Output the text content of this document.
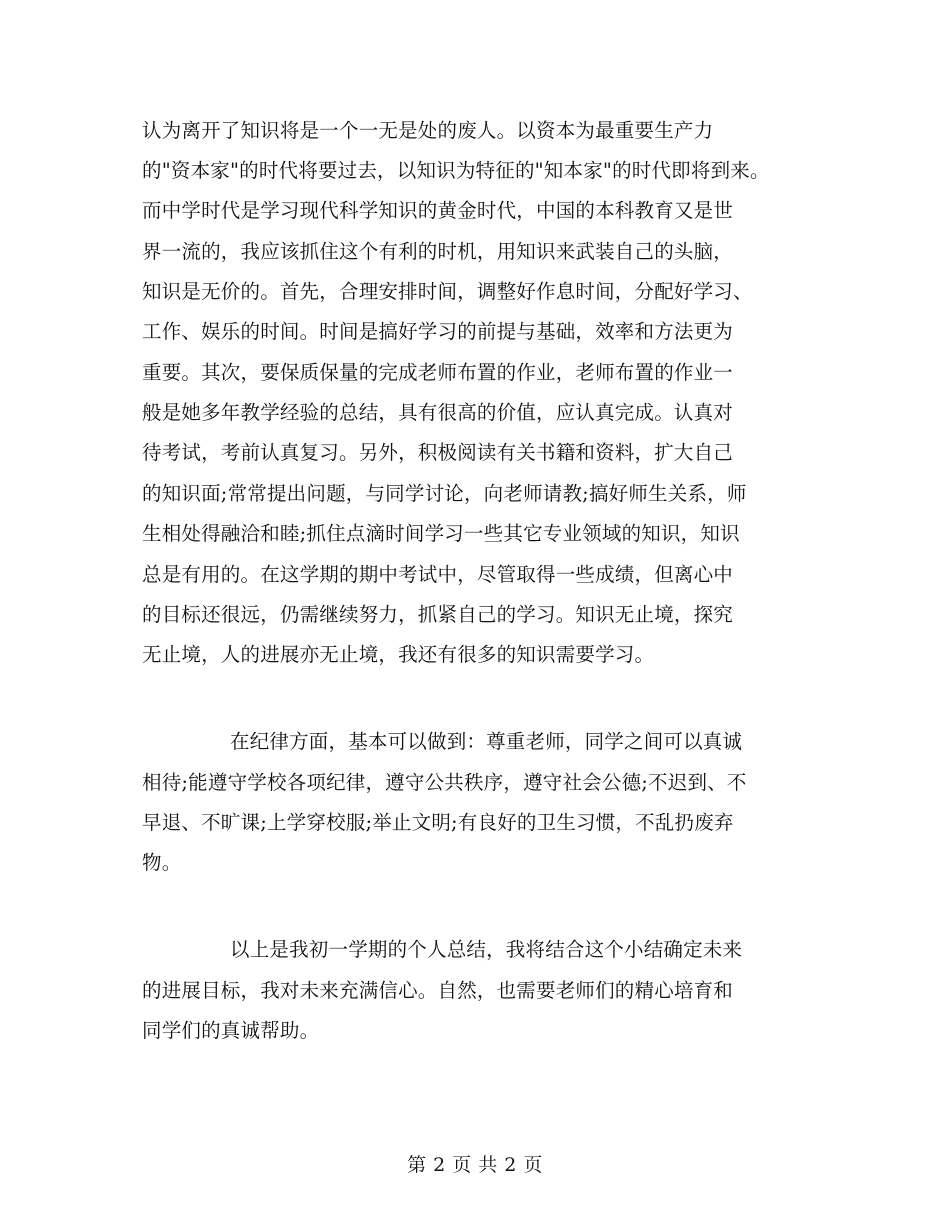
认为离开了知识将是一个一无是处的废人。以资本为最重要生产力
的"资本家"的时代将要过去，以知识为特征的"知本家"的时代即将到来。
而中学时代是学习现代科学知识的黄金时代，中国的本科教育又是世
界一流的，我应该抓住这个有利的时机，用知识来武装自己的头脑，
知识是无价的。首先，合理安排时间，调整好作息时间，分配好学习、
工作、娱乐的时间。时间是搞好学习的前提与基础，效率和方法更为
重要。其次，要保质保量的完成老师布置的作业，老师布置的作业一
般是她多年教学经验的总结，具有很高的价值，应认真完成。认真对
待考试，考前认真复习。另外，积极阅读有关书籍和资料，扩大自己
的知识面;常常提出问题，与同学讨论，向老师请教;搞好师生关系，师
生相处得融洽和睦;抓住点滴时间学习一些其它专业领域的知识，知识
总是有用的。在这学期的期中考试中，尽管取得一些成绩，但离心中
的目标还很远，仍需继续努力，抓紧自己的学习。知识无止境，探究
无止境，人的进展亦无止境，我还有很多的知识需要学习。
在纪律方面，基本可以做到：尊重老师，同学之间可以真诚
相待;能遵守学校各项纪律，遵守公共秩序，遵守社会公德;不迟到、不
早退、不旷课;上学穿校服;举止文明;有良好的卫生习惯，不乱扔废弃
物。
以上是我初一学期的个人总结，我将结合这个小结确定未来
的进展目标，我对未来充满信心。自然，也需要老师们的精心培育和
同学们的真诚帮助。
第 2 页 共 2 页
